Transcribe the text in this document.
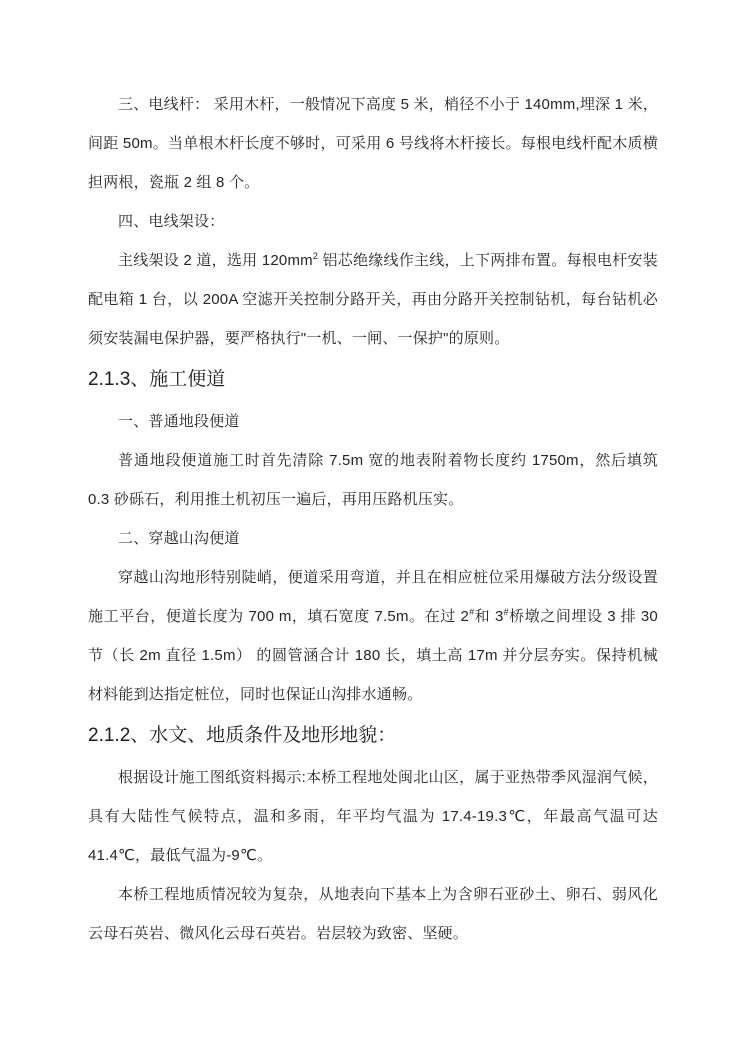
三、电线杆： 采用木杆，一般情况下高度 5 米，梢径不小于 140mm,埋深 1 米，间距 50m。当单根木杆长度不够时，可采用 6 号线将木杆接长。每根电线杆配木质横担两根，瓷瓶 2 组 8 个。

四、电线架设：

主线架设 2 道，选用 $120mm^2$ 铝芯绝缘线作主线，上下两排布置。每根电杆安装配电箱 1 台，以 200A 空滤开关控制分路开关，再由分路开关控制钻机，每台钻机必须安装漏电保护器，要严格执行"一机、一闸、一保护"的原则。

2.1.3、施工便道

一、普通地段便道

普通地段便道施工时首先清除 7.5m 宽的地表附着物长度约 1750m，然后填筑 0.3 砂砾石，利用推土机初压一遍后，再用压路机压实。

二、穿越山沟便道

穿越山沟地形特别陡峭，便道采用弯道，并且在相应桩位采用爆破方法分级设置施工平台，便道长度为 700 m，填石宽度 7.5m。在过 2#和 3#桥墩之间埋设 3 排 30 节（长 2m 直径 1.5m） 的圆管涵合计 180 长，填土高 17m 并分层夯实。保持机械材料能到达指定桩位，同时也保证山沟排水通畅。

2.1.2、水文、地质条件及地形地貌：

根据设计施工图纸资料揭示:本桥工程地处闽北山区，属于亚热带季风湿润气候，具有大陆性气候特点，温和多雨，年平均气温为 17.4-19.3℃，年最高气温可达 41.4℃，最低气温为-9℃。

本桥工程地质情况较为复杂，从地表向下基本上为含卵石亚砂土、卵石、弱风化云母石英岩、微风化云母石英岩。岩层较为致密、坚硬。
